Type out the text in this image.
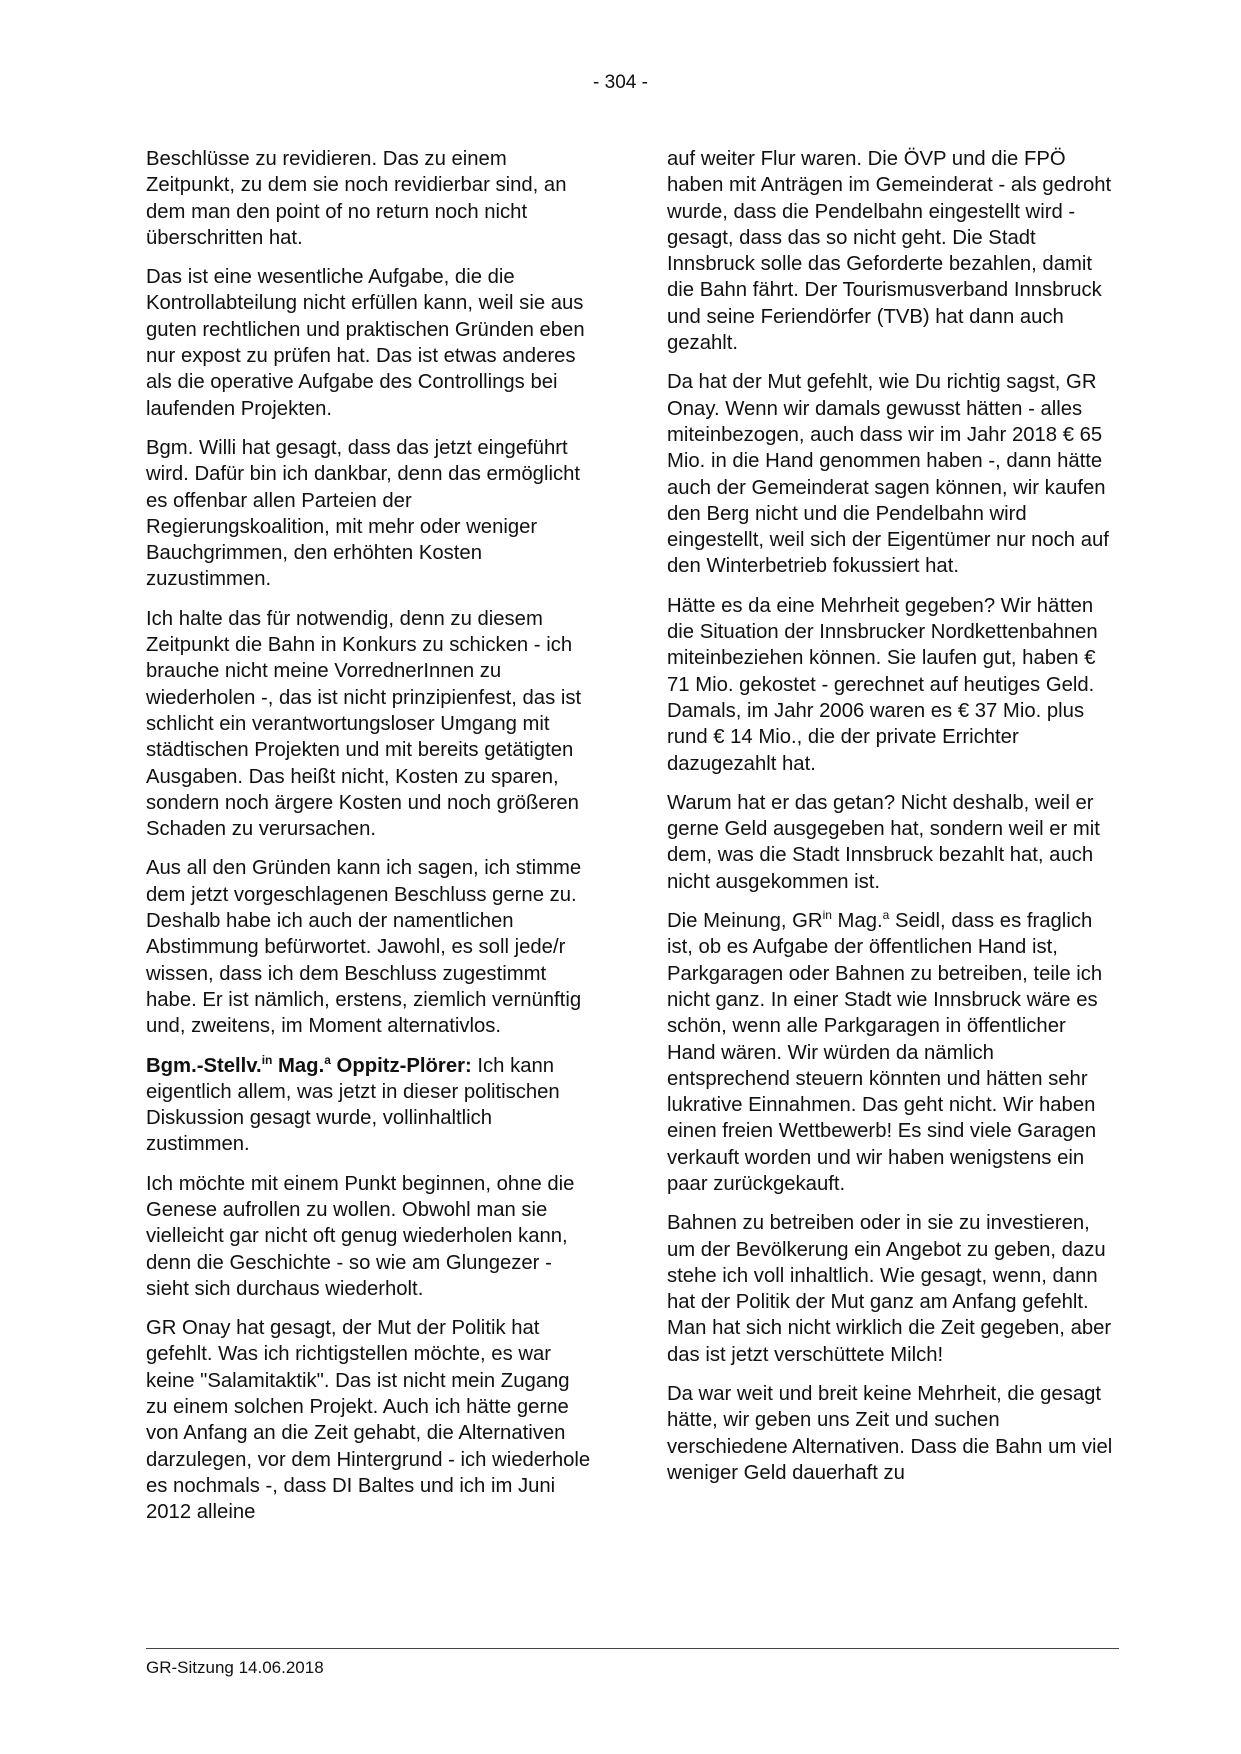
- 304 -

Beschlüsse zu revidieren. Das zu einem Zeitpunkt, zu dem sie noch revidierbar sind, an dem man den point of no return noch nicht überschritten hat.

Das ist eine wesentliche Aufgabe, die die Kontrollabteilung nicht erfüllen kann, weil sie aus guten rechtlichen und praktischen Gründen eben nur expost zu prüfen hat. Das ist etwas anderes als die operative Aufgabe des Controllings bei laufenden Projekten.

Bgm. Willi hat gesagt, dass das jetzt eingeführt wird. Dafür bin ich dankbar, denn das ermöglicht es offenbar allen Parteien der Regierungskoalition, mit mehr oder weniger Bauchgrimmen, den erhöhten Kosten zuzustimmen.

Ich halte das für notwendig, denn zu diesem Zeitpunkt die Bahn in Konkurs zu schicken - ich brauche nicht meine VorrednerInnen zu wiederholen -, das ist nicht prinzipienfest, das ist schlicht ein verantwortungsloser Umgang mit städtischen Projekten und mit bereits getätigten Ausgaben. Das heißt nicht, Kosten zu sparen, sondern noch ärgere Kosten und noch größeren Schaden zu verursachen.

Aus all den Gründen kann ich sagen, ich stimme dem jetzt vorgeschlagenen Beschluss gerne zu. Deshalb habe ich auch der namentlichen Abstimmung befürwortet. Jawohl, es soll jede/r wissen, dass ich dem Beschluss zugestimmt habe. Er ist nämlich, erstens, ziemlich vernünftig und, zweitens, im Moment alternativlos.

Bgm.-Stellv.$^{in}$ Mag.$^a$ Oppitz-Plörer: Ich kann eigentlich allem, was jetzt in dieser politischen Diskussion gesagt wurde, vollinhaltlich zustimmen.

Ich möchte mit einem Punkt beginnen, ohne die Genese aufrollen zu wollen. Obwohl man sie vielleicht gar nicht oft genug wiederholen kann, denn die Geschichte - so wie am Glungezer - sieht sich durchaus wiederholt.

GR Onay hat gesagt, der Mut der Politik hat gefehlt. Was ich richtigstellen möchte, es war keine "Salamitaktik". Das ist nicht mein Zugang zu einem solchen Projekt. Auch ich hätte gerne von Anfang an die Zeit gehabt, die Alternativen darzulegen, vor dem Hintergrund - ich wiederhole es nochmals -, dass DI Baltes und ich im Juni 2012 alleine

auf weiter Flur waren. Die ÖVP und die FPÖ haben mit Anträgen im Gemeinderat - als gedroht wurde, dass die Pendelbahn eingestellt wird - gesagt, dass das so nicht geht. Die Stadt Innsbruck solle das Geforderte bezahlen, damit die Bahn fährt. Der Tourismusverband Innsbruck und seine Feriendörfer (TVB) hat dann auch gezahlt.

Da hat der Mut gefehlt, wie Du richtig sagst, GR Onay. Wenn wir damals gewusst hätten - alles miteinbezogen, auch dass wir im Jahr 2018 € 65 Mio. in die Hand genommen haben -, dann hätte auch der Gemeinderat sagen können, wir kaufen den Berg nicht und die Pendelbahn wird eingestellt, weil sich der Eigentümer nur noch auf den Winterbetrieb fokussiert hat.

Hätte es da eine Mehrheit gegeben? Wir hätten die Situation der Innsbrucker Nordkettenbahnen miteinbeziehen können. Sie laufen gut, haben € 71 Mio. gekostet - gerechnet auf heutiges Geld. Damals, im Jahr 2006 waren es € 37 Mio. plus rund € 14 Mio., die der private Errichter dazugezahlt hat.

Warum hat er das getan? Nicht deshalb, weil er gerne Geld ausgegeben hat, sondern weil er mit dem, was die Stadt Innsbruck bezahlt hat, auch nicht ausgekommen ist.

Die Meinung, $GR^{in}$ Mag.$^a$ Seidl, dass es fraglich ist, ob es Aufgabe der öffentlichen Hand ist, Parkgaragen oder Bahnen zu betreiben, teile ich nicht ganz. In einer Stadt wie Innsbruck wäre es schön, wenn alle Parkgaragen in öffentlicher Hand wären. Wir würden da nämlich entsprechend steuern könnten und hätten sehr lukrative Einnahmen. Das geht nicht. Wir haben einen freien Wettbewerb! Es sind viele Garagen verkauft worden und wir haben wenigstens ein paar zurückgekauft.

Bahnen zu betreiben oder in sie zu investieren, um der Bevölkerung ein Angebot zu geben, dazu stehe ich voll inhaltlich. Wie gesagt, wenn, dann hat der Politik der Mut ganz am Anfang gefehlt. Man hat sich nicht wirklich die Zeit gegeben, aber das ist jetzt verschüttete Milch!

Da war weit und breit keine Mehrheit, die gesagt hätte, wir geben uns Zeit und suchen verschiedene Alternativen. Dass die Bahn um viel weniger Geld dauerhaft zu

GR-Sitzung 14.06.2018
